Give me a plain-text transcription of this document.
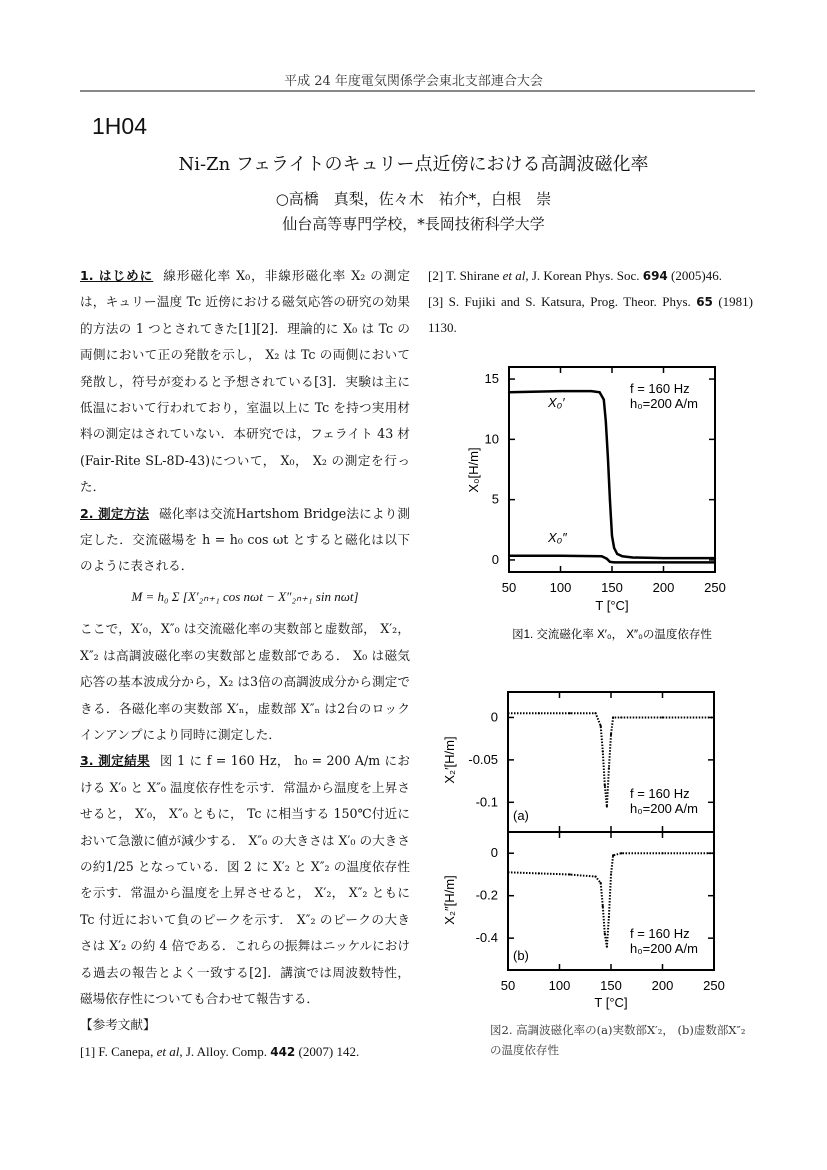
平成 24 年度電気関係学会東北支部連合大会
1H04
Ni-Zn フェライトのキュリー点近傍における高調波磁化率
○高橋　真梨，佐々木　祐介*，白根　崇
仙台高等専門学校，*長岡技術科学大学

1. はじめに 線形磁化率 X₀，非線形磁化率 X₂ の測定は，キュリー温度 Tc 近傍における磁気応答の研究の効果的方法の 1 つとされてきた[1][2]．理論的に X₀ は Tc の両側において正の発散を示し， X₂ は Tc の両側において発散し，符号が変わると予想されている[3]．実験は主に低温において行われており，室温以上に Tc を持つ実用材料の測定はされていない．本研究では，フェライト 43 材(Fair-Rite SL-8D-43)について， X₀， X₂ の測定を行った．

2. 測定方法 磁化率は交流Hartshom Bridge法により測定した．交流磁場を h = h₀ cos ωt とすると磁化は以下のように表される．

M = h₀ Σ [X′₂ₙ₊₁ cos nωt − X″₂ₙ₊₁ sin nωt]

ここで，X′₀，X″₀ は交流磁化率の実数部と虚数部， X′₂，X″₂ は高調波磁化率の実数部と虚数部である． X₀ は磁気応答の基本波成分から，X₂ は3倍の高調波成分から測定できる．各磁化率の実数部 X′ₙ，虚数部 X″ₙ は2台のロックインアンプにより同時に測定した．

3. 測定結果 図 1 に f = 160 Hz， h₀ = 200 A/m における X′₀ と X″₀ 温度依存性を示す．常温から温度を上昇させると， X′₀， X″₀ ともに， Tc に相当する 150℃付近において急激に値が減少する． X″₀ の大きさは X′₀ の大きさの約1/25 となっている．図 2 に X′₂ と X″₂ の温度依存性を示す．常温から温度を上昇させると， X′₂， X″₂ ともに Tc 付近において負のピークを示す． X″₂ のピークの大きさは X′₂ の約 4 倍である．これらの振舞はニッケルにおける過去の報告とよく一致する[2]．講演では周波数特性，磁場依存性についても合わせて報告する．

【参考文献】

[1] F. Canepa, et al, J. Alloy. Comp. 442 (2007) 142.

[2] T. Shirane et al, J. Korean Phys. Soc. 694 (2005)46.

[3] S. Fujiki and S. Katsura, Prog. Theor. Phys. 65 (1981) 1130.

0
5
10
15
50	100 150 200 250
T [°C]
X₀[H/m]
f = 160 Hz
h₀=200 A/m
X₀′
X₀″
図1. 交流磁化率 X′₀， X″₀の温度依存性
0
-0.05
-0.1
0
-0.2
-0.4
50	100 150 200 250
T [°C]
X₂′[H/m]
X₂″[H/m]
f = 160 Hz
h₀=200 A/m
f = 160 Hz
h₀=200 A/m
(a)
(b)
図2. 高調波磁化率の(a)実数部X′₂， (b)虚数部X″₂の温度依存性
